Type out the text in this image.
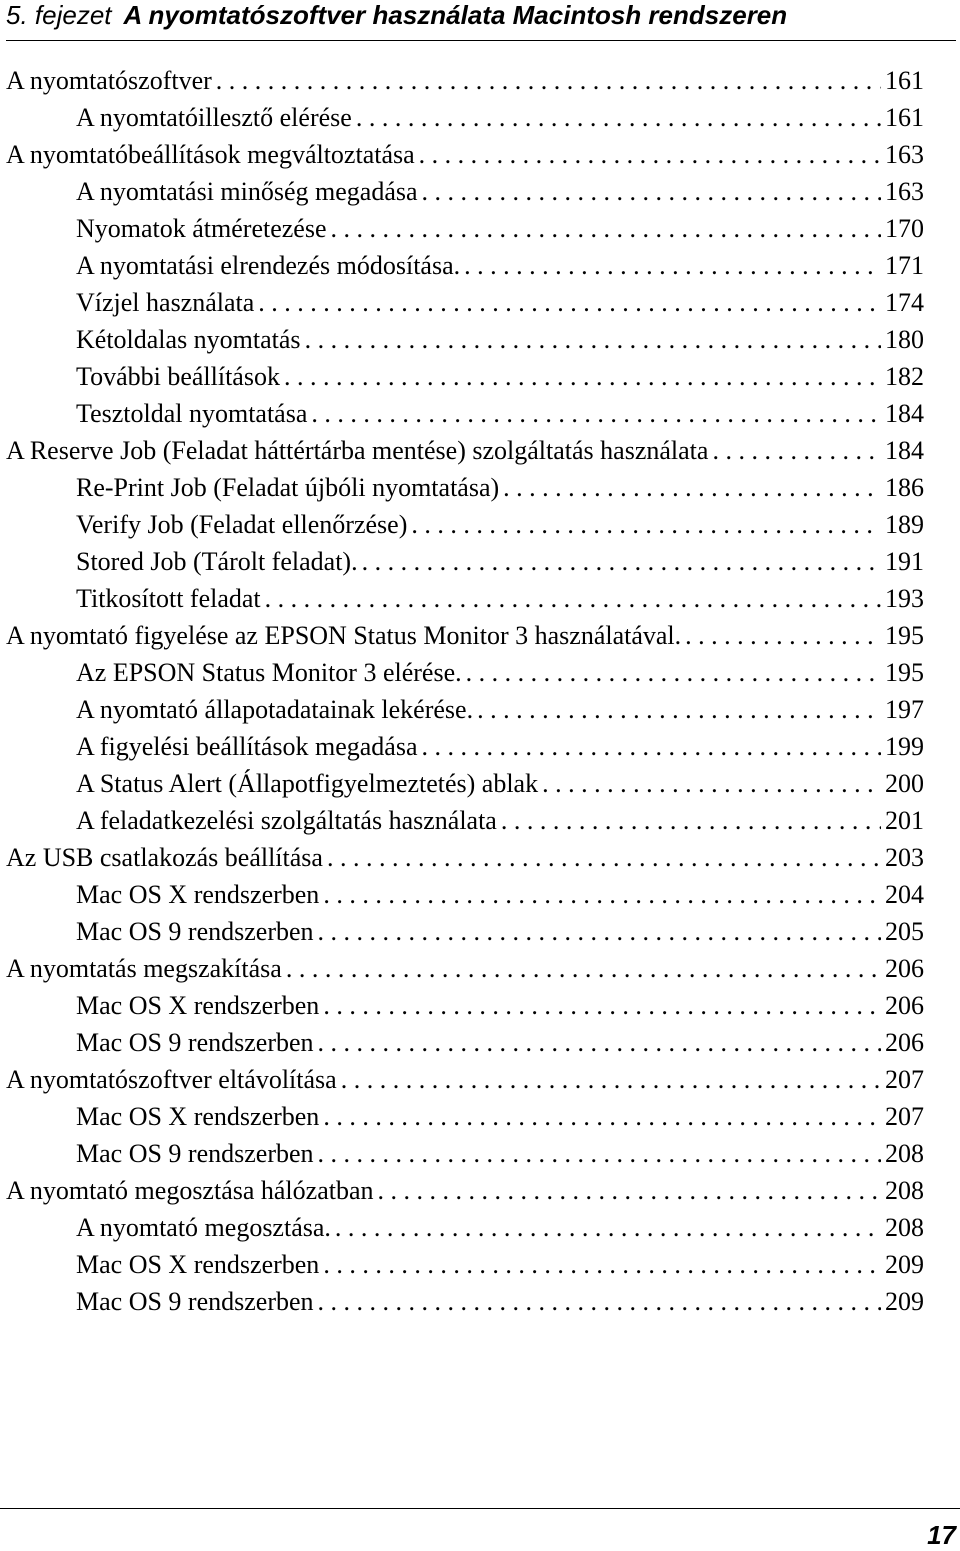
5. fejezet A nyomtatószoftver használata Macintosh rendszeren
A nyomtatószoftver . . .	161
A nyomtatóillesztő elérése . . .	161
A nyomtatóbeállítások megváltoztatása . . .	163
A nyomtatási minőség megadása . . .	163
Nyomatok átméretezése . . .	170
A nyomtatási elrendezés módosítása. . . .	171
Vízjel használata . . .	174
Kétoldalas nyomtatás . . .	180
További beállítások . . .	182
Tesztoldal nyomtatása . . .	184
A Reserve Job (Feladat háttértárba mentése) szolgáltatás használata . . .	184
Re-Print Job (Feladat újbóli nyomtatása) . . .	186
Verify Job (Feladat ellenőrzése) . . .	189
Stored Job (Tárolt feladat). . . .	191
Titkosított feladat . . .	193
A nyomtató figyelése az EPSON Status Monitor 3 használatával. . . .	195
Az EPSON Status Monitor 3 elérése. . . .	195
A nyomtató állapotadatainak lekérése. . . .	197
A figyelési beállítások megadása . . .	199
A Status Alert (Állapotfigyelmeztetés) ablak . . .	200
A feladatkezelési szolgáltatás használata . . .	201
Az USB csatlakozás beállítása . . .	203
Mac OS X rendszerben . . .	204
Mac OS 9 rendszerben . . .	205
A nyomtatás megszakítása . . .	206
Mac OS X rendszerben . . .	206
Mac OS 9 rendszerben . . .	206
A nyomtatószoftver eltávolítása . . .	207
Mac OS X rendszerben . . .	207
Mac OS 9 rendszerben . . .	208
A nyomtató megosztása hálózatban . . .	208
A nyomtató megosztása. . . .	208
Mac OS X rendszerben . . .	209
Mac OS 9 rendszerben . . .	209
17
